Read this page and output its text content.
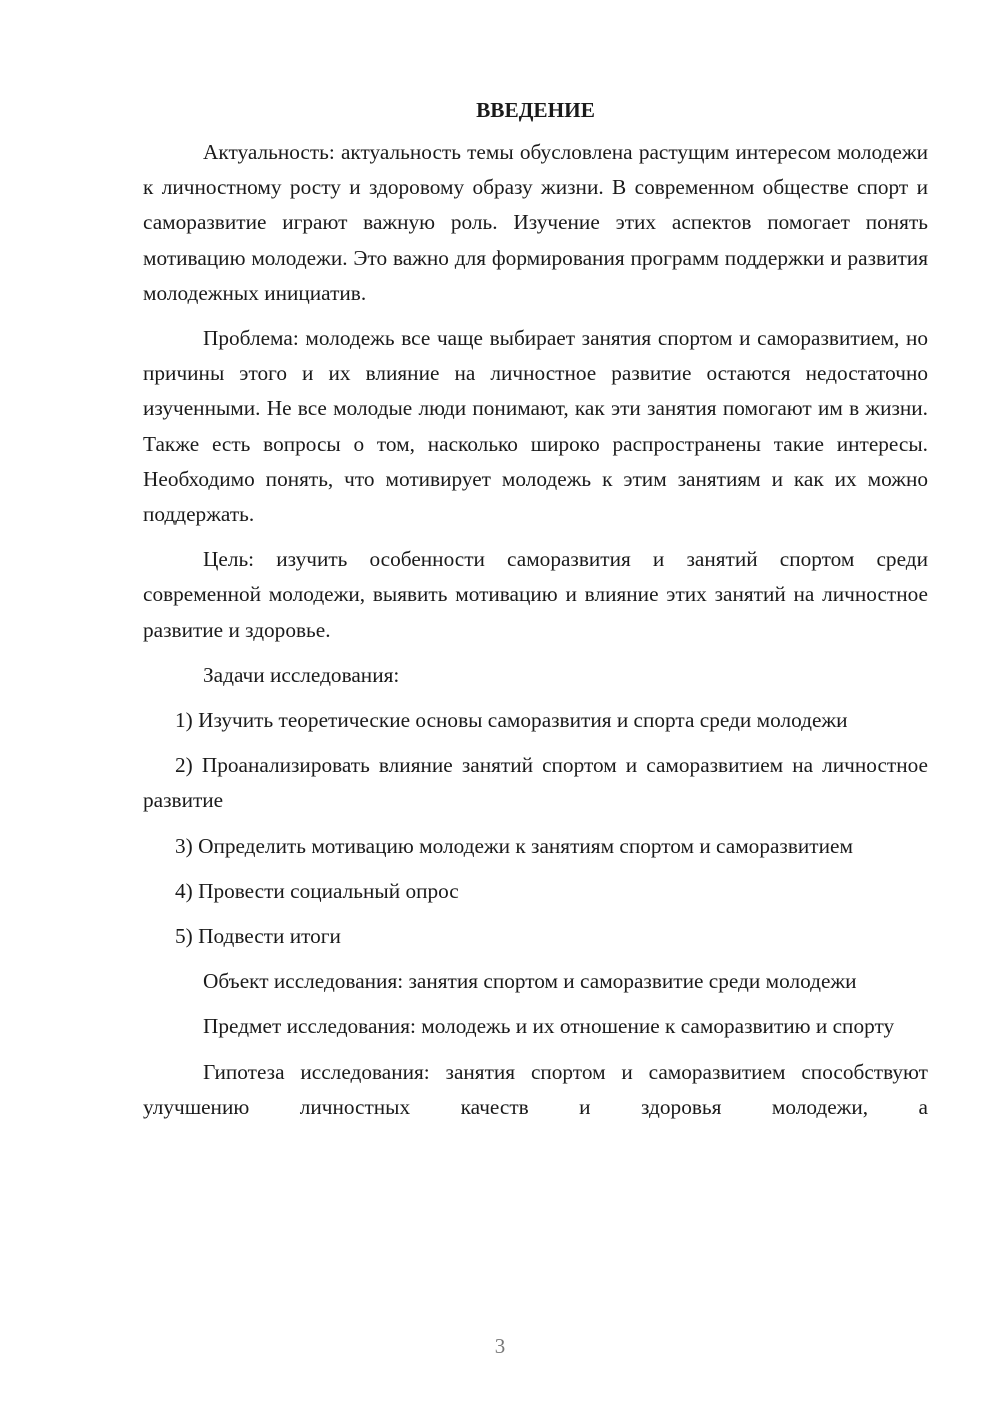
ВВЕДЕНИЕ

Актуальность: актуальность темы обусловлена растущим интересом молодежи к личностному росту и здоровому образу жизни. В современном обществе спорт и саморазвитие играют важную роль. Изучение этих аспектов помогает понять мотивацию молодежи. Это важно для формирования программ поддержки и развития молодежных инициатив.

Проблема: молодежь все чаще выбирает занятия спортом и саморазвитием, но причины этого и их влияние на личностное развитие остаются недостаточно изученными. Не все молодые люди понимают, как эти занятия помогают им в жизни. Также есть вопросы о том, насколько широко распространены такие интересы. Необходимо понять, что мотивирует молодежь к этим занятиям и как их можно поддержать.

Цель: изучить особенности саморазвития и занятий спортом среди современной молодежи, выявить мотивацию и влияние этих занятий на личностное развитие и здоровье.

Задачи исследования:

1) Изучить теоретические основы саморазвития и спорта среди молодежи

2) Проанализировать влияние занятий спортом и саморазвитием на личностное развитие

3) Определить мотивацию молодежи к занятиям спортом и саморазвитием

4) Провести социальный опрос

5) Подвести итоги

Объект исследования: занятия спортом и саморазвитие среди молодежи

Предмет исследования: молодежь и их отношение к саморазвитию и спорту

Гипотеза исследования: занятия спортом и саморазвитием способствуют улучшению личностных качеств и здоровья молодежи, а

3
